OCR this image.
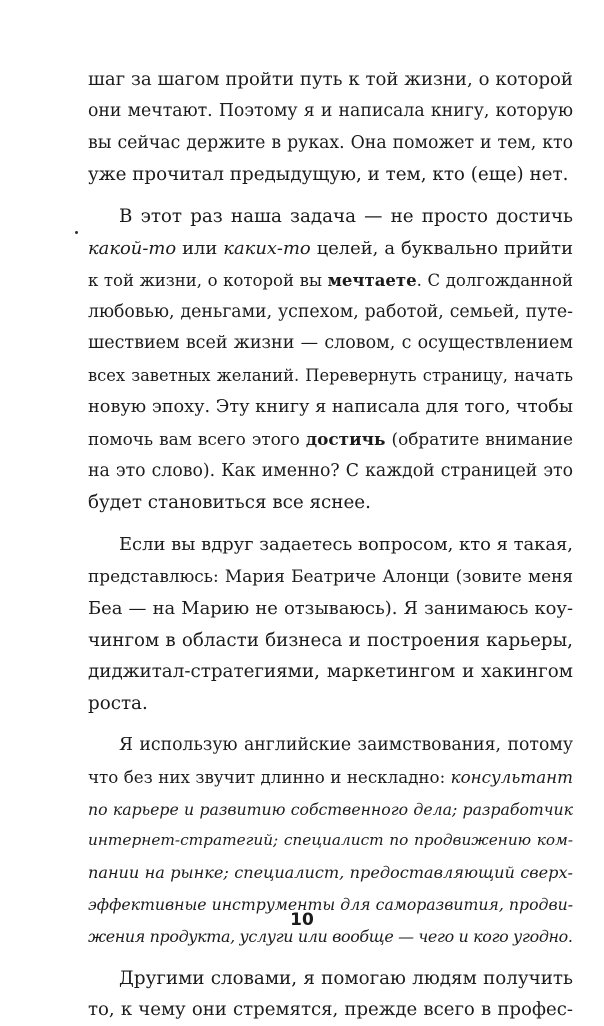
шаг за шагом пройти путь к той жизни, о которой
они мечтают. Поэтому я и написала книгу, которую
вы сейчас держите в руках. Она поможет и тем, кто
уже прочитал предыдущую, и тем, кто (еще) нет.
В этот раз наша задача — не просто достичь
какой-то или каких-то целей, а буквально прийти
к той жизни, о которой вы мечтаете. С долгожданной
любовью, деньгами, успехом, работой, семьей, путе-
шествием всей жизни — словом, с осуществлением
всех заветных желаний. Перевернуть страницу, начать
новую эпоху. Эту книгу я написала для того, чтобы
помочь вам всего этого достичь (обратите внимание
на это слово). Как именно? С каждой страницей это
будет становиться все яснее.
Если вы вдруг задаетесь вопросом, кто я такая,
представлюсь: Мария Беатриче Алонци (зовите меня
Беа — на Марию не отзываюсь). Я занимаюсь коу-
чингом в области бизнеса и построения карьеры,
диджитал-стратегиями, маркетингом и хакингом
роста.
Я использую английские заимствования, потому
что без них звучит длинно и нескладно: консультант
по карьере и развитию собственного дела; разработчик
интернет-стратегий; специалист по продвижению ком-
пании на рынке; специалист, предоставляющий сверх-
эффективные инструменты для саморазвития, продви-
жения продукта, услуги или вообще — чего и кого угодно.
Другими словами, я помогаю людям получить
то, к чему они стремятся, прежде всего в профес-
10
